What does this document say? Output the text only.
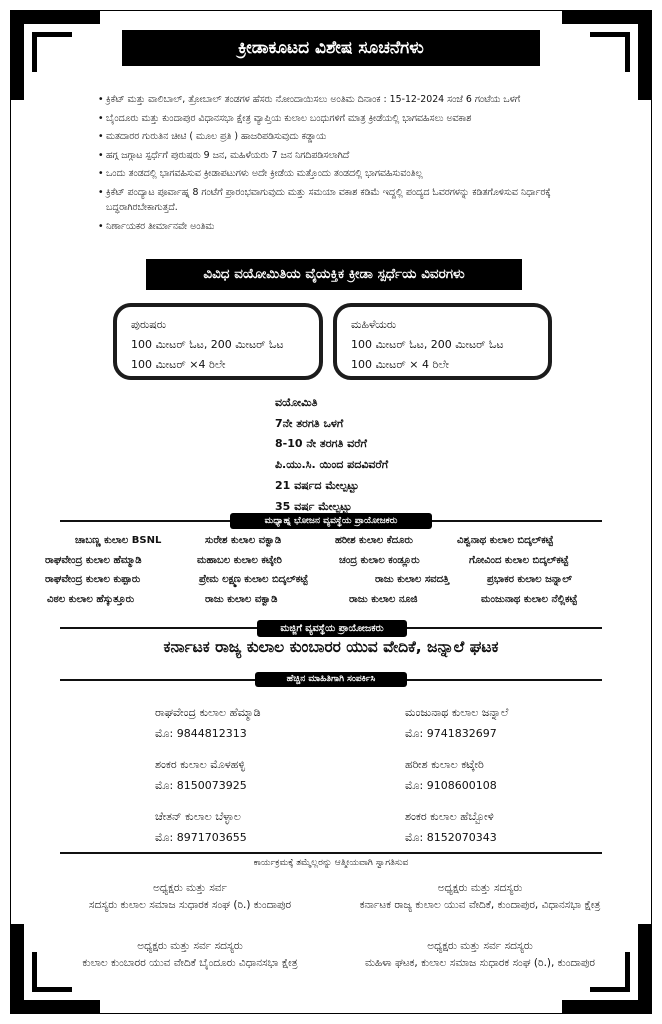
ಕ್ರೀಡಾಕೂಟದ ವಿಶೇಷ ಸೂಚನೆಗಳು
• ಕ್ರಿಕೆಟ್ ಮತ್ತು ವಾಲಿಬಾಲ್, ತ್ರೋಬಾಲ್ ತಂಡಗಳ ಹೆಸರು ನೋಂದಾಯಿಸಲು ಅಂತಿಮ ದಿನಾಂಕ : 15-12-2024 ಸಂಜೆ 6 ಗಂಟೆಯ ಒಳಗೆ
• ಬೈಂದೂರು ಮತ್ತು ಕುಂದಾಪುರ ವಿಧಾನಸಭಾ ಕ್ಷೇತ್ರ ವ್ಯಾಪ್ತಿಯ ಕುಲಾಲ ಬಂಧುಗಳಿಗೆ ಮಾತ್ರ ಕ್ರೀಡೆಯಲ್ಲಿ ಭಾಗವಹಿಸಲು ಅವಕಾಶ
• ಮತದಾರರ ಗುರುತಿನ ಚೀಟಿ ( ಮೂಲ ಪ್ರತಿ ) ಹಾಜರಿಪಡಿಸುವುದು ಕಡ್ಡಾಯ
• ಹಗ್ಗ ಜಗ್ಗಾಟ ಸ್ಪರ್ಧೆಗೆ ಪುರುಷರು 9 ಜನ, ಮಹಿಳೆಯರು 7 ಜನ ನಿಗದಿಪಡಿಸಲಾಗಿದೆ
• ಒಂದು ತಂಡದಲ್ಲಿ ಭಾಗವಹಿಸುವ ಕ್ರೀಡಾಪಟುಗಳು ಅದೇ ಕ್ರೀಡೆಯ ಮತ್ತೊಂದು ತಂಡದಲ್ಲಿ ಭಾಗವಹಿಸುವಂತಿಲ್ಲ
• ಕ್ರಿಕೆಟ್ ಪಂದ್ಯಾಟ ಪೂರ್ವಾಹ್ನ 8 ಗಂಟೆಗೆ ಪ್ರಾರಂಭವಾಗುವುದು ಮತ್ತು ಸಮಯಾ ವಕಾಶ ಕಡಿಮೆ ಇದ್ದಲ್ಲಿ ಪಂದ್ಯದ ಓವರಗಳನ್ನು ಕಡಿತಗೊಳಿಸುವ ನಿರ್ಧಾರಕ್ಕೆ ಬದ್ಧರಾಗಿರಬೇಕಾಗುತ್ತದೆ.
• ನಿರ್ಣಾಯಕರ ತೀರ್ಮಾನವೇ ಅಂತಿಮ
ವಿವಿಧ ವಯೋಮಿತಿಯ ವೈಯಕ್ತಿಕ ಕ್ರೀಡಾ ಸ್ಪರ್ಧೆಯ ವಿವರಗಳು
ಪುರುಷರು
100 ಮೀಟರ್ ಓಟ, 200 ಮೀಟರ್ ಓಟ
100 ಮೀಟರ್ ×4 ರಿಲೇ
ಮಹಿಳೆಯರು
100 ಮೀಟರ್ ಓಟ, 200 ಮೀಟರ್ ಓಟ
100 ಮೀಟರ್ × 4 ರಿಲೇ
ವಯೋಮಿತಿ
7ನೇ ತರಗತಿ ಒಳಗೆ
8-10 ನೇ ತರಗತಿ ವರೆಗೆ
ಪಿ.ಯು.ಸಿ. ಯಿಂದ ಪದವಿವರೆಗೆ
21 ವರ್ಷದ ಮೇಲ್ಪಟ್ಟು
35 ವರ್ಷ ಮೇಲ್ಪಟ್ಟು
ಮಧ್ಯಾಹ್ನ ಭೋಜನ ವ್ಯವಸ್ಥೆಯ ಪ್ರಾಯೋಜಕರು
ಚಾಬಣ್ಣ ಕುಲಾಲ BSNL	ಸುರೇಶ ಕುಲಾಲ ವಕ್ವಾಡಿ	ಹರೀಶ ಕುಲಾಲ ಕೆದೂರು	ವಿಶ್ವನಾಥ ಕುಲಾಲ ಬಿದ್ಕಲ್‌ಕಟ್ಟೆ
ರಾಘವೇಂದ್ರ ಕುಲಾಲ ಹೆಮ್ಮಾಡಿ	ಮಹಾಬಲ ಕುಲಾಲ ಕಟ್ಕೇರಿ	ಚಂದ್ರ ಕುಲಾಲ ಕಂಡ್ಲೂರು	ಗೋವಿಂದ ಕುಲಾಲ ಬಿದ್ಕಲ್‌ಕಟ್ಟೆ
ರಾಘವೇಂದ್ರ ಕುಲಾಲ ಕುಪ್ಪಾರು	ಪ್ರೇಮ ಲಕ್ಷ್ಮಣ ಕುಲಾಲ ಬಿದ್ಕಲ್‌ಕಟ್ಟೆ	ರಾಜು ಕುಲಾಲ ಸವದತ್ತಿ	ಪ್ರಭಾಕರ ಕುಲಾಲ ಜನ್ನಾಲ್
ವಿಠಲ ಕುಲಾಲ ಹೆಸ್ಕುತ್ತೂರು	ರಾಜು ಕುಲಾಲ ವಕ್ವಾಡಿ	ರಾಜು ಕುಲಾಲ ನೂಜಿ	ಮಂಜುನಾಥ ಕುಲಾಲ ನೆಲ್ಲಿಕಟ್ಟೆ
ಮಜ್ಜಿಗೆ ವ್ಯವಸ್ಥೆಯ ಪ್ರಾಯೋಜಕರು
ಕರ್ನಾಟಕ ರಾಜ್ಯ ಕುಲಾಲ ಕುಂಬಾರರ ಯುವ ವೇದಿಕೆ, ಜನ್ನಾಲೆ ಘಟಕ
ಹೆಚ್ಚಿನ ಮಾಹಿತಿಗಾಗಿ ಸಂಪರ್ಕಿಸಿ
ರಾಘವೇಂದ್ರ ಕುಲಾಲ ಹೆಮ್ಮಾಡಿ
ಮೊ: 9844812313
ಶಂಕರ ಕುಲಾಲ ಮೊಳಹಳ್ಳಿ
ಮೊ: 8150073925
ಚೇತನ್ ಕುಲಾಲ ಬೆಳ್ಳಾಲ
ಮೊ: 8971703655
ಮಂಜುನಾಥ ಕುಲಾಲ ಜನ್ನಾಲೆ
ಮೊ: 9741832697
ಹರೀಶ ಕುಲಾಲ ಕಟ್ಕೇರಿ
ಮೊ: 9108600108
ಶಂಕರ ಕುಲಾಲ ಹೆಬ್ಬೋಳಿ
ಮೊ: 8152070343
ಕಾರ್ಯಕ್ರಮಕ್ಕೆ ತಮ್ಮೆಲ್ಲರನ್ನು ಆತ್ಮೀಯವಾಗಿ ಸ್ವಾಗತಿಸುವ
ಅಧ್ಯಕ್ಷರು ಮತ್ತು ಸರ್ವ
ಸದಸ್ಯರು ಕುಲಾಲ ಸಮಾಜ ಸುಧಾರಕ ಸಂಘ (ರಿ.) ಕುಂದಾಪುರ
ಅಧ್ಯಕ್ಷರು ಮತ್ತು ಸದಸ್ಯರು
ಕರ್ನಾಟಕ ರಾಜ್ಯ ಕುಲಾಲ ಯುವ ವೇದಿಕೆ, ಕುಂದಾಪುರ, ವಿಧಾನಸಭಾ ಕ್ಷೇತ್ರ
ಅಧ್ಯಕ್ಷರು ಮತ್ತು ಸರ್ವ ಸದಸ್ಯರು
ಕುಲಾಲ ಕುಂಬಾರರ ಯುವ ವೇದಿಕೆ ಬೈಂದೂರು ವಿಧಾನಸಭಾ ಕ್ಷೇತ್ರ
ಅಧ್ಯಕ್ಷರು ಮತ್ತು ಸರ್ವ ಸದಸ್ಯರು
ಮಹಿಳಾ ಘಟಕ, ಕುಲಾಲ ಸಮಾಜ ಸುಧಾರಕ ಸಂಘ (ರಿ.), ಕುಂದಾಪುರ
